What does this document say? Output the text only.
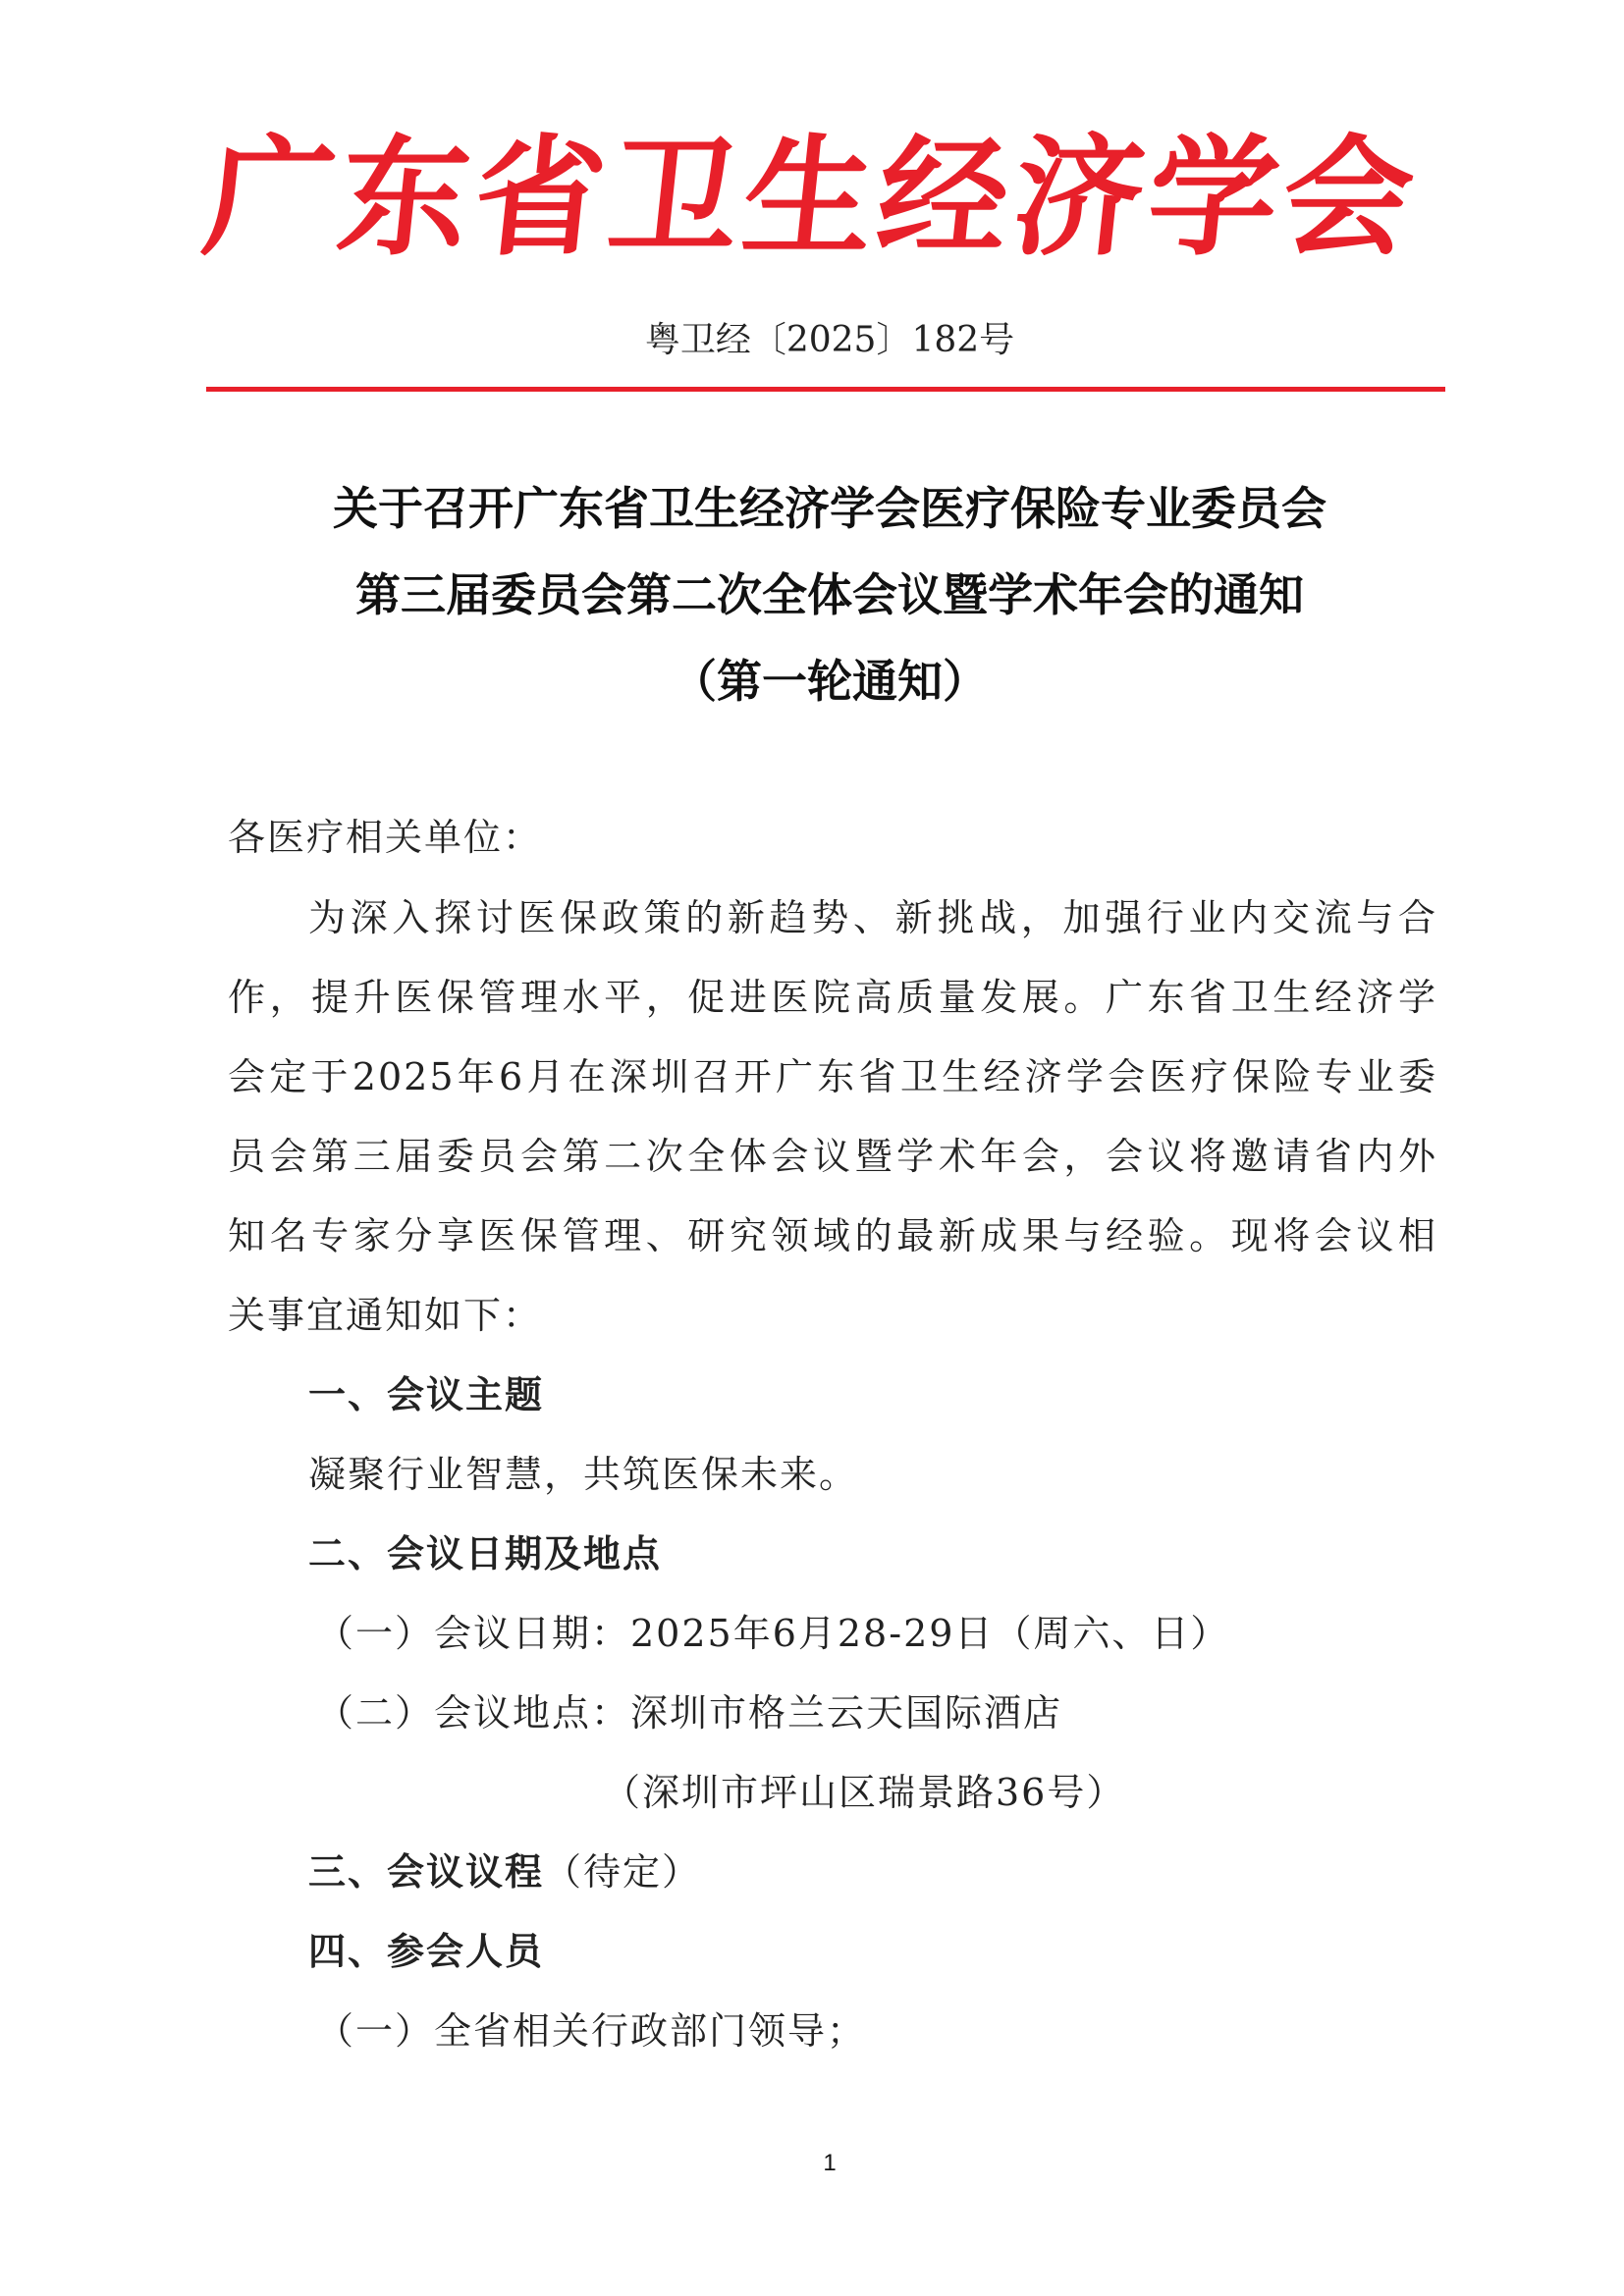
广
东
省
卫
生
经
济
学
会
粤卫经〔2025〕182号
关于召开广东省卫生经济学会医疗保险专业委员会
第三届委员会第二次全体会议暨学术年会的通知
（第一轮通知）
各医疗相关单位：
为深入探讨医保政策的新趋势、新挑战，加强行业内交流与合
作，提升医保管理水平，促进医院高质量发展。广东省卫生经济学
会定于2025年6月在深圳召开广东省卫生经济学会医疗保险专业委
员会第三届委员会第二次全体会议暨学术年会，会议将邀请省内外
知名专家分享医保管理、研究领域的最新成果与经验。现将会议相
关事宜通知如下：
一、会议主题
凝聚行业智慧，共筑医保未来。
二、会议日期及地点
（一）会议日期：2025年6月28-29日（周六、日）
（二）会议地点：深圳市格兰云天国际酒店
（深圳市坪山区瑞景路36号）
三、会议议程（待定）
四、参会人员
（一）全省相关行政部门领导；
1
